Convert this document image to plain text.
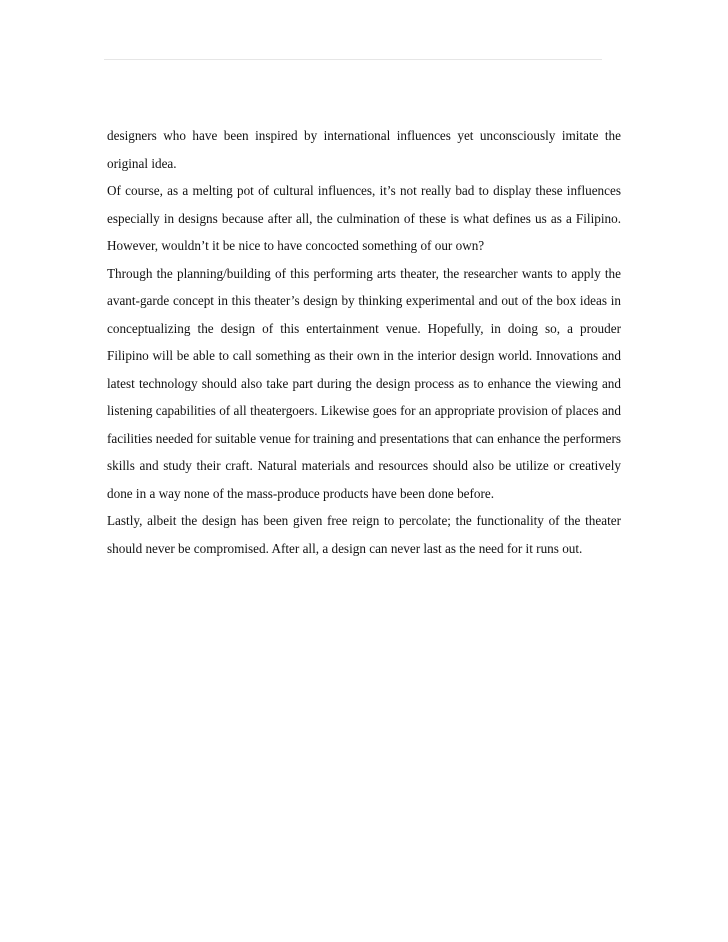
designers who have been inspired by international influences yet unconsciously imitate the original idea.

Of course, as a melting pot of cultural influences, it’s not really bad to display these influences especially in designs because after all, the culmination of these is what defines us as a Filipino. However, wouldn’t it be nice to have concocted something of our own?

Through the planning/building of this performing arts theater, the researcher wants to apply the avant-garde concept in this theater’s design by thinking experimental and out of the box ideas in conceptualizing the design of this entertainment venue. Hopefully, in doing so, a prouder Filipino will be able to call something as their own in the interior design world. Innovations and latest technology should also take part during the design process as to enhance the viewing and listening capabilities of all theatergoers. Likewise goes for an appropriate provision of places and facilities needed for suitable venue for training and presentations that can enhance the performers skills and study their craft. Natural materials and resources should also be utilize or creatively done in a way none of the mass-produce products have been done before.

Lastly, albeit the design has been given free reign to percolate; the functionality of the theater should never be compromised. After all, a design can never last as the need for it runs out.
